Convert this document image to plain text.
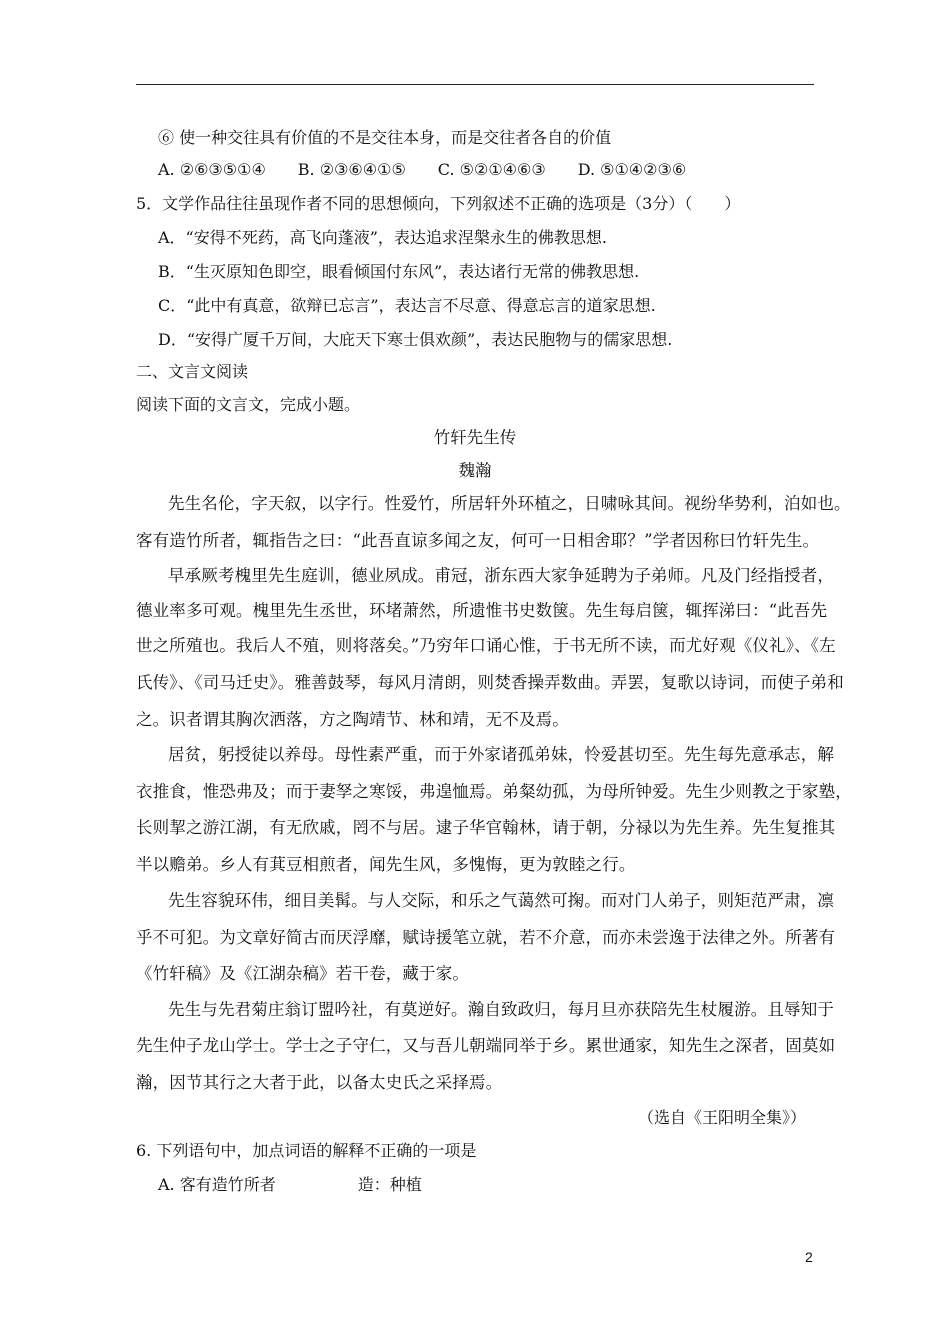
⑥ 使一种交往具有价值的不是交往本身，而是交往者各自的价值
A. ②⑥③⑤①④　　B. ②③⑥④①⑤　　C. ⑤②①④⑥③　　D. ⑤①④②③⑥
5．文学作品往往虽现作者不同的思想倾向，下列叙述不正确的选项是（3分）（　　）
A．“安得不死药，高飞向蓬液”，表达追求涅槃永生的佛教思想.
B．“生灭原知色即空，眼看倾国付东风”，表达诸行无常的佛教思想.
C．“此中有真意，欲辩已忘言”，表达言不尽意、得意忘言的道家思想.
D．“安得广厦千万间，大庇天下寒士俱欢颜”，表达民胞物与的儒家思想.
二、文言文阅读
阅读下面的文言文，完成小题。
竹轩先生传
魏瀚
先生名伦，字天叙，以字行。性爱竹，所居轩外环植之，日啸咏其间。视纷华势利，泊如也。
客有造竹所者，辄指告之曰：“此吾直谅多闻之友，何可一日相舍耶？”学者因称曰竹轩先生。
早承厥考槐里先生庭训，德业夙成。甫冠，浙东西大家争延聘为子弟师。凡及门经指授者，
德业率多可观。槐里先生丞世，环堵萧然，所遗惟书史数箧。先生每启箧，辄挥涕曰：“此吾先
世之所殖也。我后人不殖，则将落矣。”乃穷年口诵心惟，于书无所不读，而尤好观《仪礼》、《左
氏传》、《司马迁史》。雅善鼓琴，每风月清朗，则焚香操弄数曲。弄罢，复歌以诗词，而使子弟和
之。识者谓其胸次洒落，方之陶靖节、林和靖，无不及焉。
居贫，躬授徒以养母。母性素严重，而于外家诸孤弟妹，怜爱甚切至。先生每先意承志，解
衣推食，惟恐弗及；而于妻孥之寒馁，弗遑恤焉。弟粲幼孤，为母所钟爱。先生少则教之于家塾，
长则挈之游江湖，有无欣戚，罔不与居。逮子华官翰林，请于朝，分禄以为先生养。先生复推其
半以赡弟。乡人有萁豆相煎者，闻先生风，多愧悔，更为敦睦之行。
先生容貌环伟，细目美髯。与人交际，和乐之气蔼然可掬。而对门人弟子，则矩范严肃，凛
乎不可犯。为文章好简古而厌浮靡，赋诗援笔立就，若不介意，而亦未尝逸于法律之外。所著有
《竹轩稿》及《江湖杂稿》若干卷，藏于家。
先生与先君菊庄翁订盟吟社，有莫逆好。瀚自致政归，每月旦亦获陪先生杖履游。且辱知于
先生仲子龙山学士。学士之子守仁，又与吾儿朝端同举于乡。累世通家，知先生之深者，固莫如
瀚，因节其行之大者于此，以备太史氏之采择焉。
（选自《王阳明全集》）
6. 下列语句中，加点词语的解释不正确的一项是
A. 客有造竹所者	造：种植
2
